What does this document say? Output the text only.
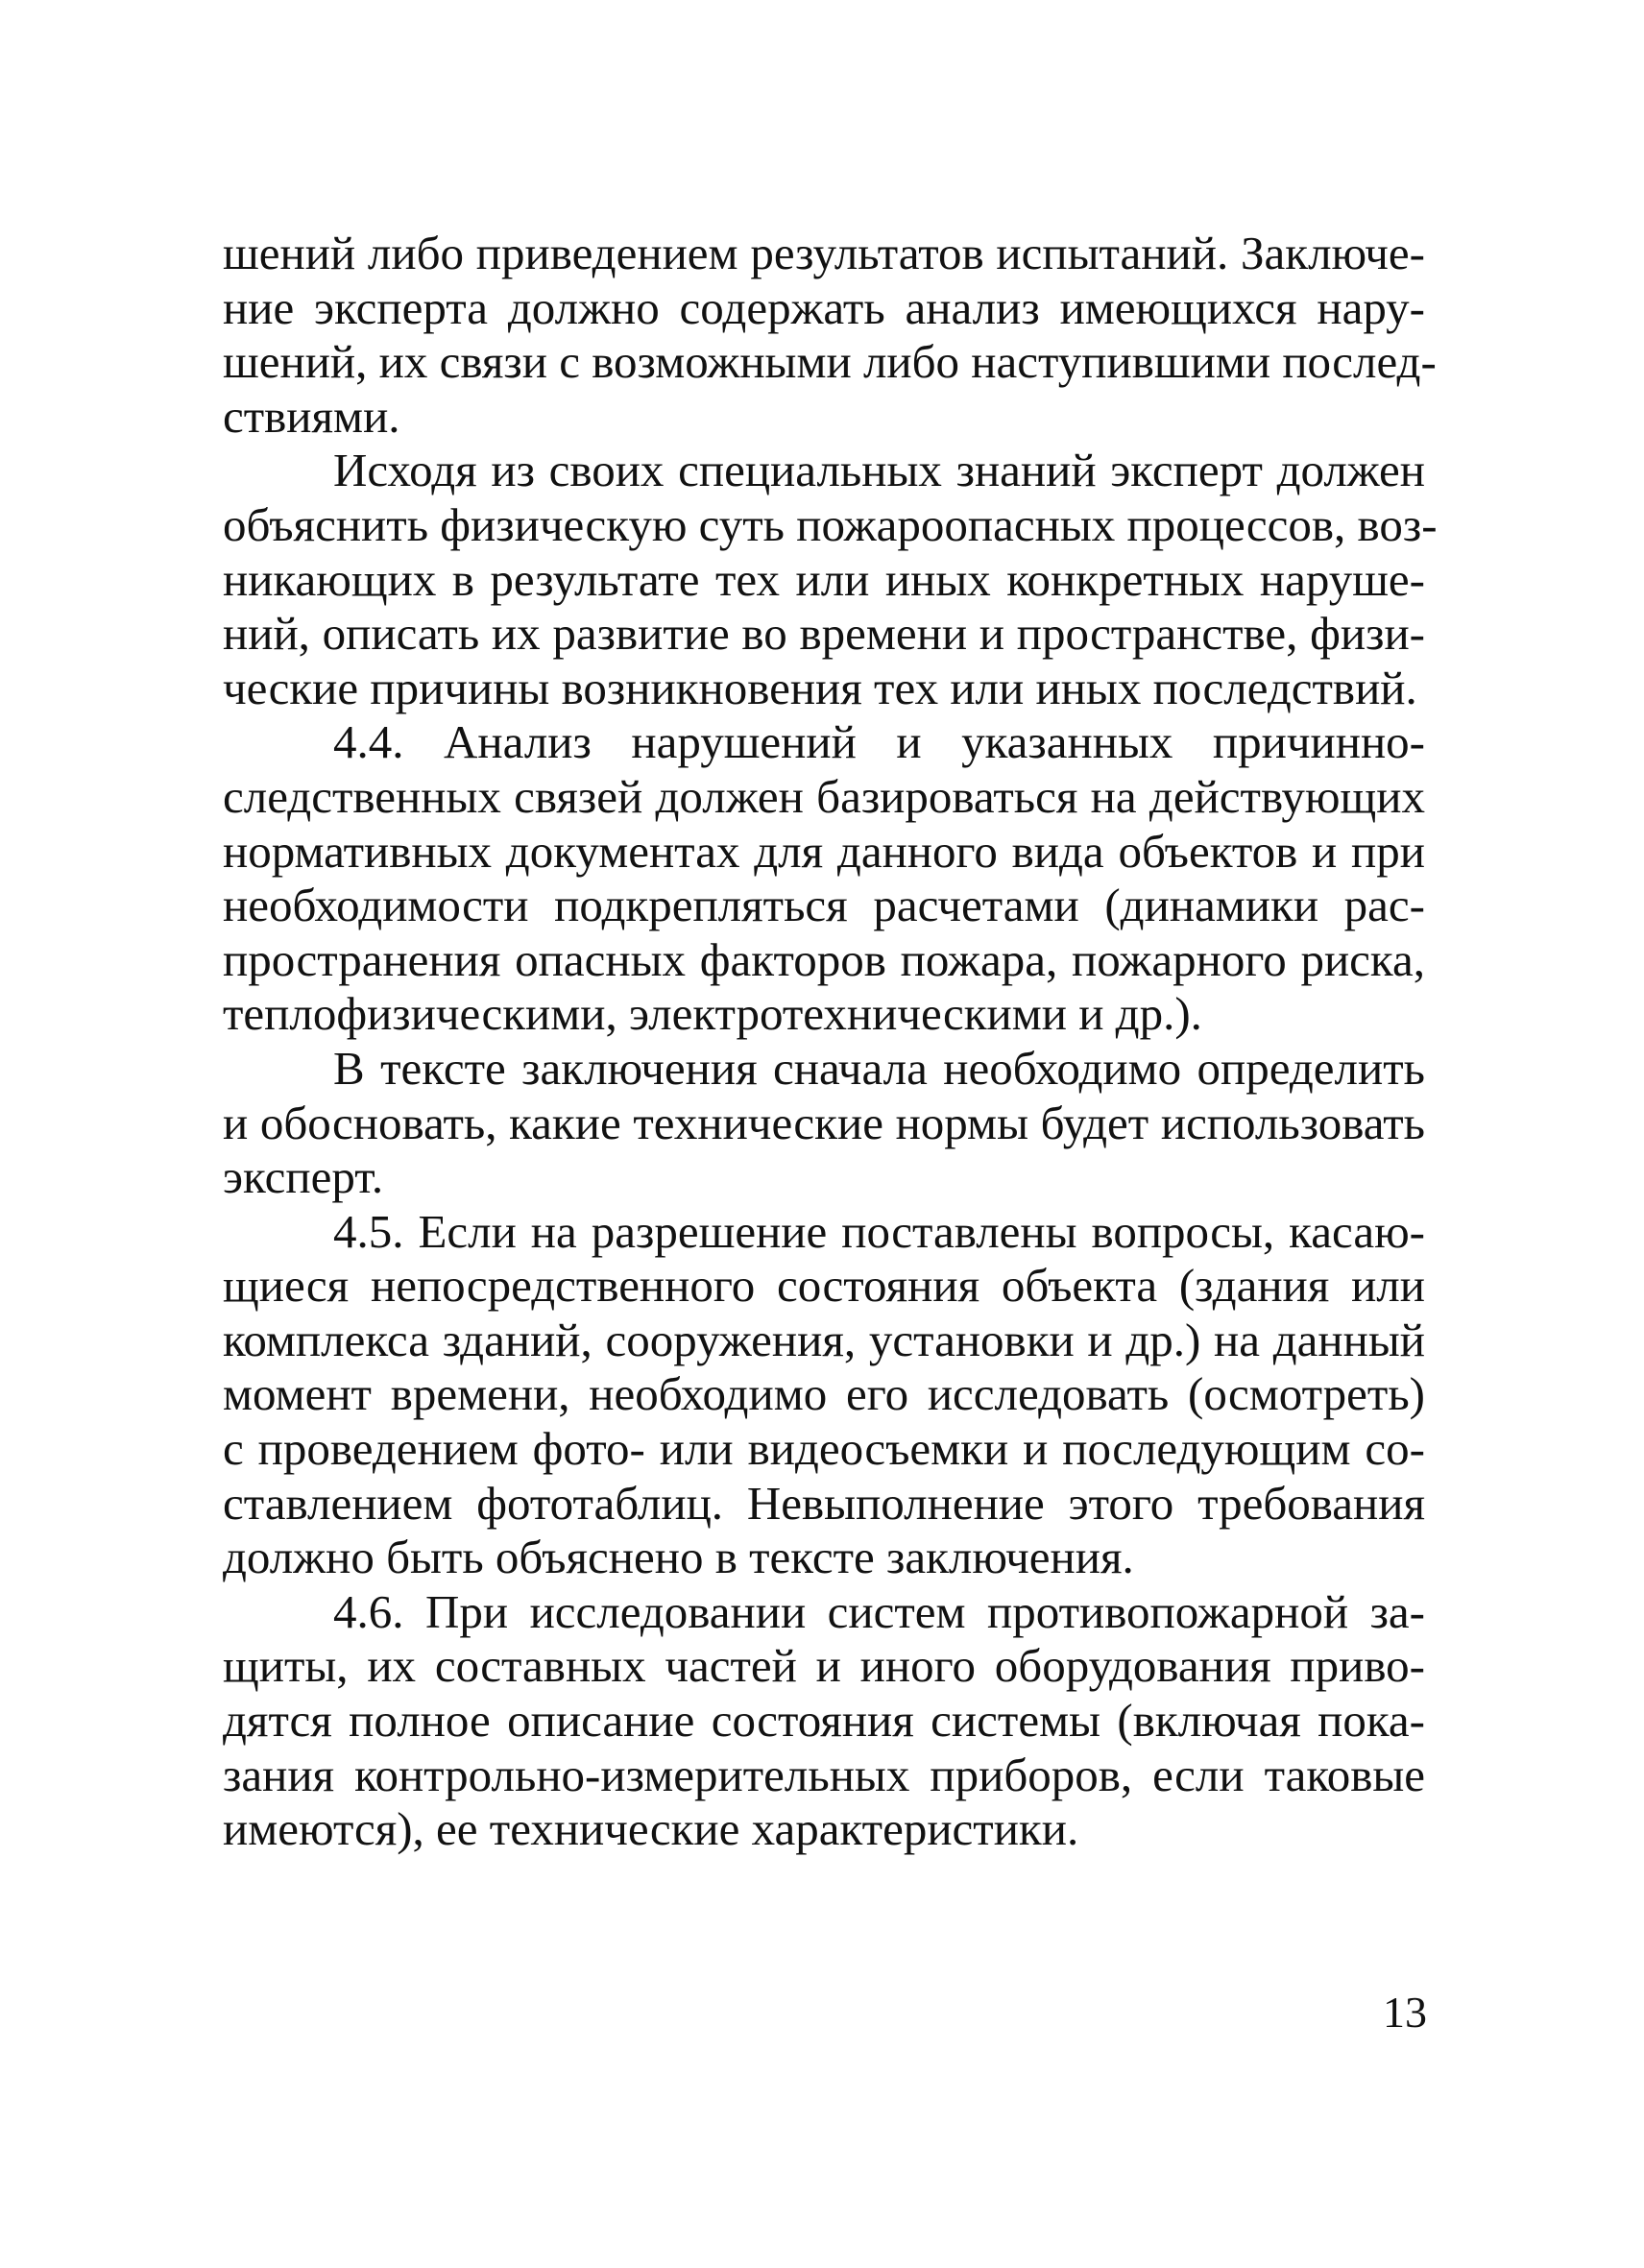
шений либо приведением результатов испытаний. Заключе-
ние эксперта должно содержать анализ имеющихся нару-
шений, их связи с возможными либо наступившими послед-
ствиями.

Исходя из своих специальных знаний эксперт должен
объяснить физическую суть пожароопасных процессов, воз-
никающих в результате тех или иных конкретных наруше-
ний, описать их развитие во времени и пространстве, физи-
ческие причины возникновения тех или иных последствий.

4.4. Анализ нарушений и указанных причинно-
следственных связей должен базироваться на действующих
нормативных документах для данного вида объектов и при
необходимости подкрепляться расчетами (динамики рас-
пространения опасных факторов пожара, пожарного риска,
теплофизическими, электротехническими и др.).

В тексте заключения сначала необходимо определить
и обосновать, какие технические нормы будет использовать
эксперт.

4.5. Если на разрешение поставлены вопросы, касаю-
щиеся непосредственного состояния объекта (здания или
комплекса зданий, сооружения, установки и др.) на данный
момент времени, необходимо его исследовать (осмотреть)
с проведением фото- или видеосъемки и последующим со-
ставлением фототаблиц. Невыполнение этого требования
должно быть объяснено в тексте заключения.

4.6. При исследовании систем противопожарной за-
щиты, их составных частей и иного оборудования приво-
дятся полное описание состояния системы (включая пока-
зания контрольно-измерительных приборов, если таковые
имеются), ее технические характеристики.

13
